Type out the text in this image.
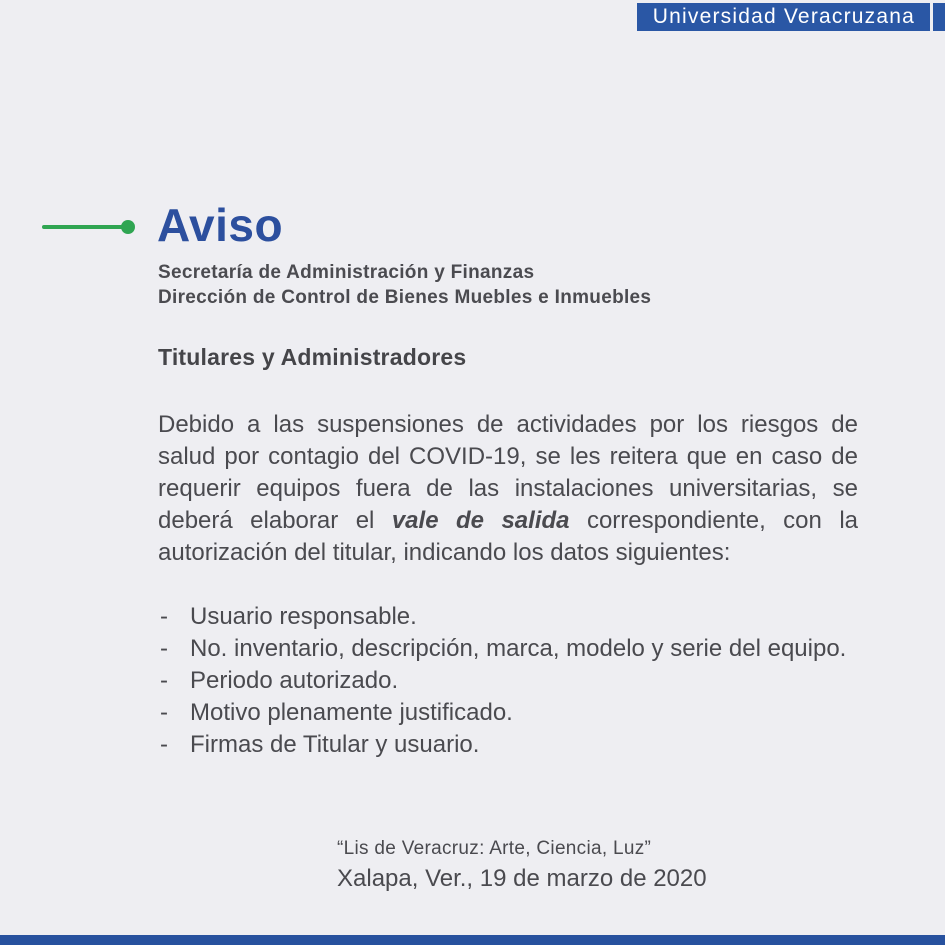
Universidad Veracruzana
Aviso
Secretaría de Administración y Finanzas
Dirección de Control de Bienes Muebles e Inmuebles
Titulares y Administradores

Debido a las suspensiones de actividades por los riesgos de salud por contagio del COVID-19, se les reitera que en caso de requerir equipos fuera de las instalaciones universitarias, se deberá elaborar el vale de salida correspondiente, con la autorización del titular, indicando los datos siguientes:

- Usuario responsable.
- No. inventario, descripción, marca, modelo y serie del equipo.
- Periodo autorizado.
- Motivo plenamente justificado.
- Firmas de Titular y usuario.
“Lis de Veracruz: Arte, Ciencia, Luz”
Xalapa, Ver., 19 de marzo de 2020
